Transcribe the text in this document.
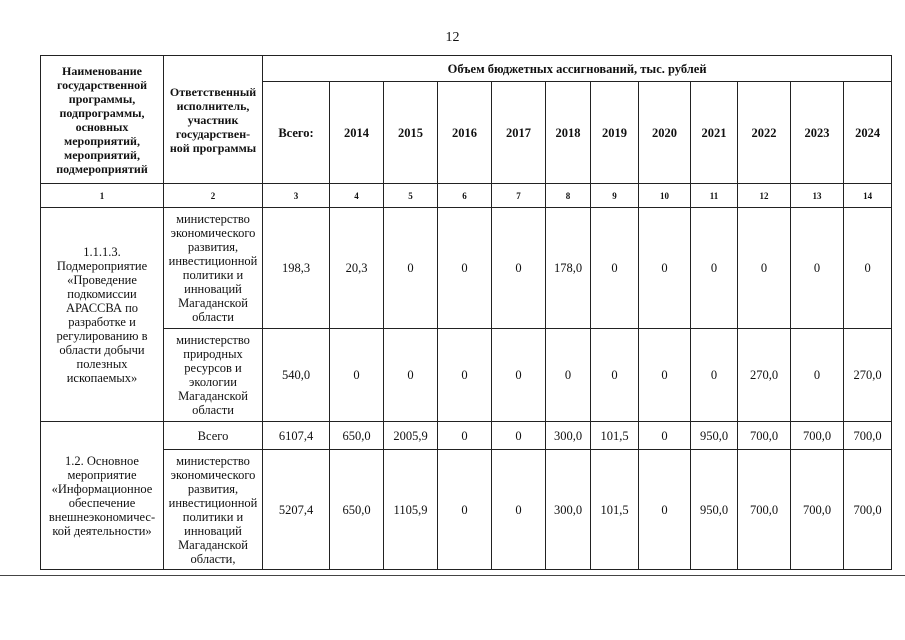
12
Наименование государственной программы, подпрограммы, основных мероприятий, мероприятий, подмероприятий	Ответственный исполнитель, участник государствен-ной программы	Объем бюджетных ассигнований, тыс. рублей											
		Всего:	2014	2015	2016	2017	2018	2019	2020	2021	2022	2023	2024
1	2	3	4	5	6	7	8	9	10	11	12	13	14
1.1.1.3. Подмероприятие «Проведение подкомиссии АРАССВА по разработке и регулированию в области добычи полезных ископаемых»	министерство экономического развития, инвестиционной политики и инноваций Магаданской области	198,3	20,3	0	0	0	178,0	0	0	0	0	0	0
	министерство природных ресурсов и экологии Магаданской области	540,0	0	0	0	0	0	0	0	0	270,0	0	270,0
1.2. Основное мероприятие «Информационное обеспечение внешнеэкономичес-кой деятельности»	Всего	6107,4	650,0	2005,9	0	0	300,0	101,5	0	950,0	700,0	700,0	700,0
	министерство экономического развития, инвестиционной политики и инноваций Магаданской области,	5207,4	650,0	1105,9	0	0	300,0	101,5	0	950,0	700,0	700,0	700,0
